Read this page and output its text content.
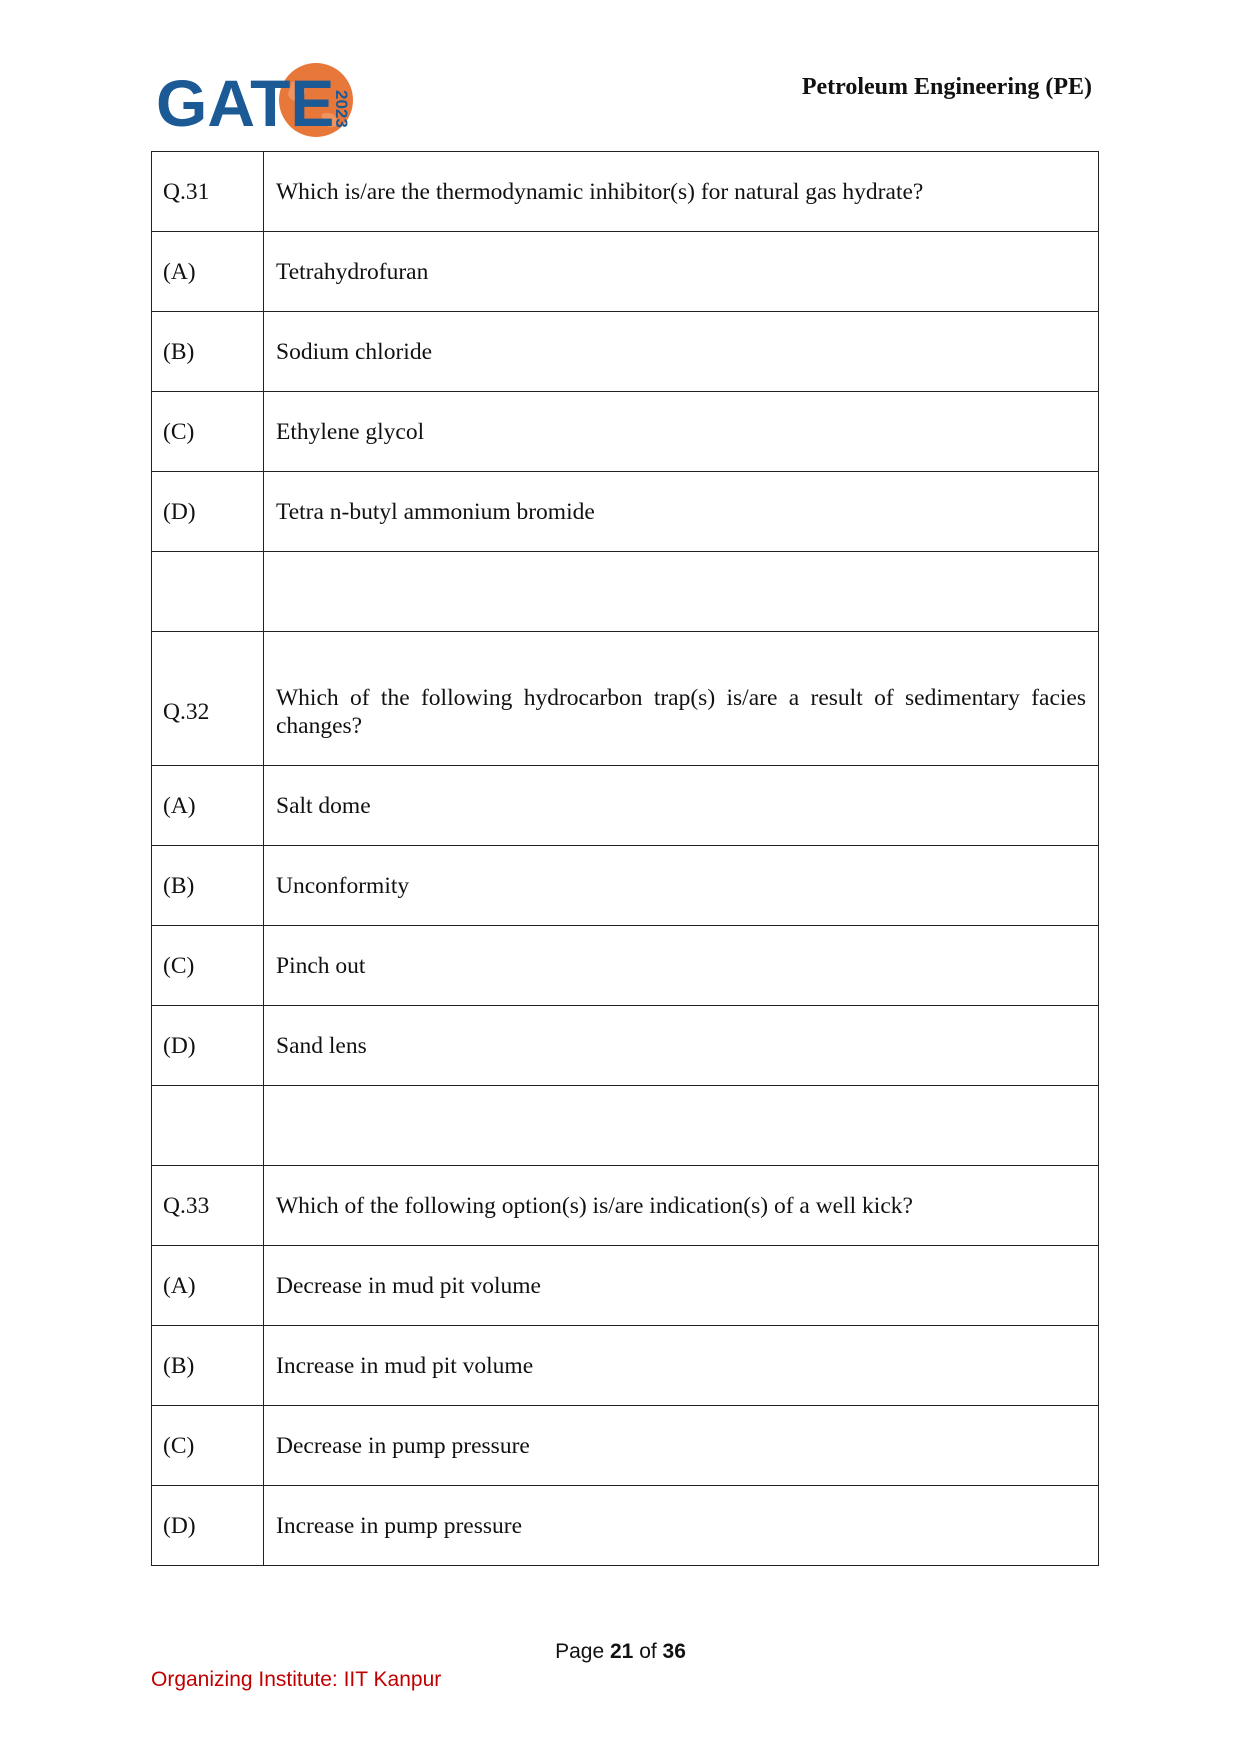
GATE
2023
Petroleum Engineering (PE)
Q.31	Which is/are the thermodynamic inhibitor(s) for natural gas hydrate?
(A)	Tetrahydrofuran
(B)	Sodium chloride
(C)	Ethylene glycol
(D)	Tetra n-butyl ammonium bromide

Q.32	Which of the following hydrocarbon trap(s) is/are a result of sedimentary facies changes?
(A)	Salt dome
(B)	Unconformity
(C)	Pinch out
(D)	Sand lens

Q.33	Which of the following option(s) is/are indication(s) of a well kick?
(A)	Decrease in mud pit volume
(B)	Increase in mud pit volume
(C)	Decrease in pump pressure
(D)	Increase in pump pressure
Page 21 of 36
Organizing Institute: IIT Kanpur
